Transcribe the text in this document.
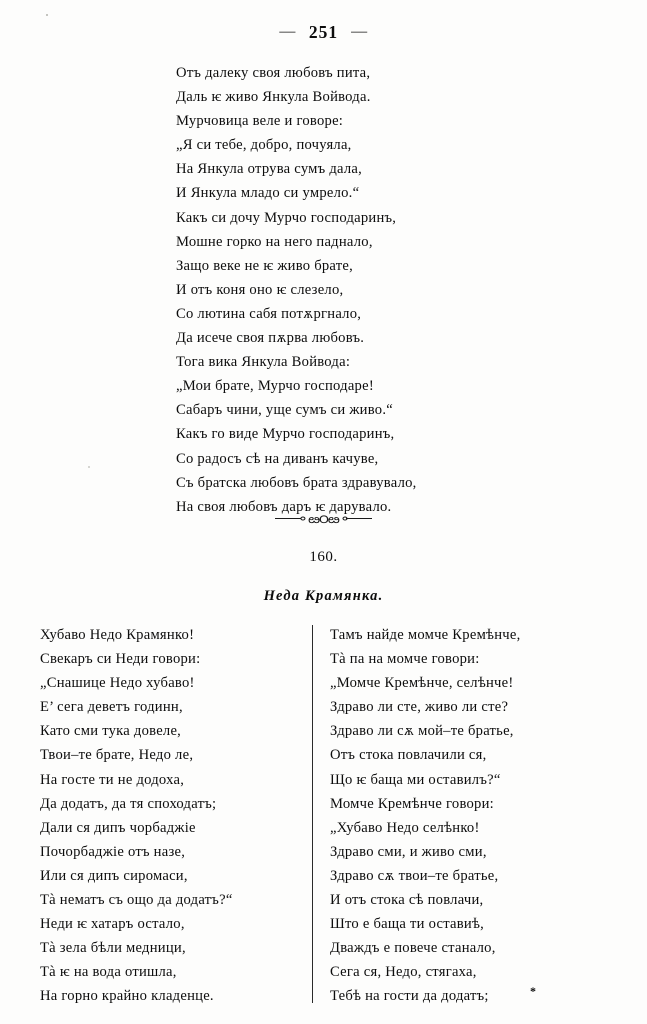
— 251 —
Отъ далеку своя любовъ пита,
Даль ѥ живо Янкула Войвода.
Мурчовица веле и говоре:
„Я си тебе, добро, почуяла,
На Янкула отрува сумъ дала,
И Янкула младо си умрело.“
Какъ си дочу Мурчо господаринъ,
Мошне горко на него паднало,
Защо веке не ѥ живо брате,
И отъ коня оно ѥ слезело,
Со лютина сабя потѫргнало,
Да исече своя пѫрва любовъ.
Тога вика Янкула Войвода:
„Мои брате, Мурчо господаре!
Сабаръ чини, уще сумъ си живо.“
Какъ го виде Мурчо господаринъ,
Со радосъ сѣ на диванъ качуве,
Съ братска любовъ брата здравувало,
На своя любовъ даръ ѥ дарувало.
⚬ఴ౦ఴ⚬
160.
Неда Крамянка.
Хубаво Недо Крамянко!
Свекаръ си Неди говори:
„Снашице Недо хубаво!
Е’ сега деветъ годинн,
Като сми тука довеле,
Твои–те брате, Недо ле,
На госте ти не додоха,
Да додатъ, да тя споходатъ;
Дали ся дипъ чорбаджіе
Почорбаджіе отъ назе,
Или ся дипъ сиромаси,
Тà нематъ съ ощо да додатъ?“
Неди ѥ хатаръ остало,
Тà зела бѣли медници,
Тà ѥ на вода отишла,
На горно крайно кладенце.
Тамъ найде момче Кремѣнче,
Тà па на момче говори:
„Момче Кремѣнче, селѣнче!
Здраво ли сте, живо ли сте?
Здраво ли сѫ мой–те братье,
Отъ стока повлачили ся,
Що ѥ баща ми оставилъ?“
Момче Кремѣнче говори:
„Хубаво Недо селѣнко!
Здраво сми, и живо сми,
Здраво сѫ твои–те братье,
И отъ стока сѣ повлачи,
Што е баща ти оставиѣ,
Дваждъ е повече станало,
Сега ся, Недо, стягаха,
Тебѣ на гости да додатъ;	*
